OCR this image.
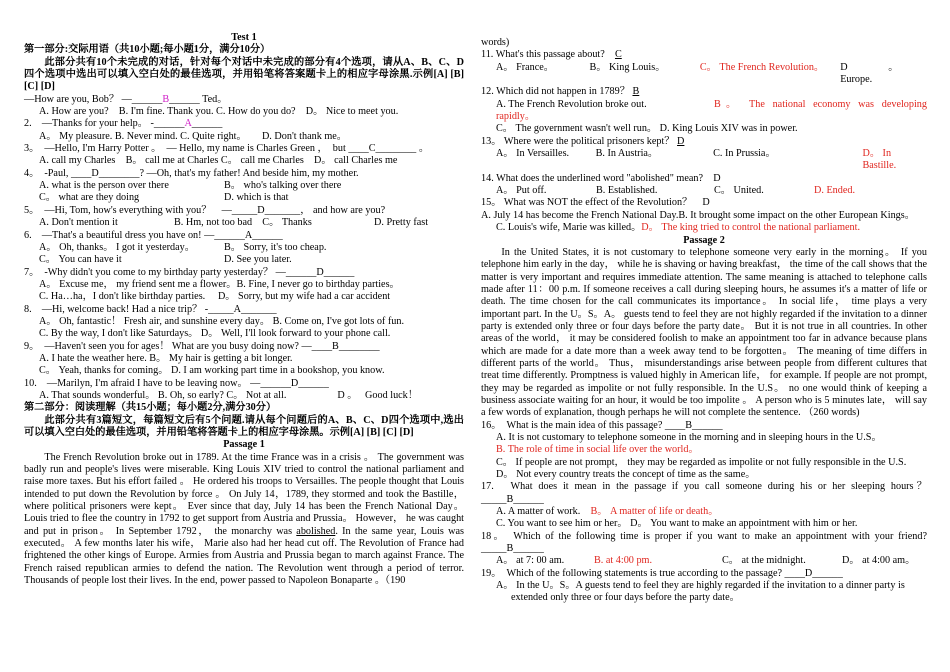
Test 1

第一部分:交际用语（共10小题;每小题1分，满分10分）

此部分共有10个未完成的对话，针对每个对话中未完成的部分有4个选项，请从A、B、C、D四个选项中选出可以填入空白处的最佳选项，并用铅笔将答案题卡上的相应字母涂黑.示例[A] [B] [C] [D]

—How are you, Bob？ —______B______ Ted。

A. How are you?　B. I'm fine. Thank you. C. How do you do?　D。 Nice to meet you.

2.　—Thanks for your help。 -______A______

A。 My pleasure. B. Never mind. C. Quite right。　　D. Don't thank me。

3。　—Hello, I'm Harry Potter 。　— Hello, my name is Charles Green ，　but ____C________ 。

A. call my Charles　B。 call me at Charles C。 call me Charles　D。 call Charles me

4。　-Paul, ____D________? —Oh, that's my father! And beside him, my mother.

A. what is the person over there	B。 who's talking over there
C。 what are they doing	D. which is that

5。　—Hi, Tom, how's everything with you？　—_____D_______， and how are you?

A. Don't mention it	B. Hm, not too bad　C。 Thanks	D. Pretty fast

6.　—That's a beautiful dress you have on! —______A______

A。 Oh, thanks。 I got it yesterday。	B。 Sorry, it's too cheap.
C。 You can have it	D. See you later.

7。　-Why didn't you come to my birthday party yesterday？ —______D______

A。 Excuse me， my friend sent me a flower。B. Fine, I never go to birthday parties。

C. Ha…ha，I don't like birthday parties.　 D。 Sorry, but my wife had a car accident

8.　—Hi, welcome back! Had a nice trip？ -_____A_______

A。 Oh, fantastic！ Fresh air, and sunshine every day。 B. Come on, I've got lots of fun.

C. By the way, I don't like Saturdays。 D。 Well, I'll look forward to your phone call.

9。　—Haven't seen you for ages！ What are you busy doing now? —____B________

A. I hate the weather here. B。 My hair is getting a bit longer.

C。 Yeah, thanks for coming。 D. I am working part time in a bookshop, you know.

10.　—Marilyn, I'm afraid I have to be leaving now。 —______D______

A. That sounds wonderful。 B. Oh, so early? C。 Not at all.　　　　　D 。　 Good luck！

第二部分：阅读理解（共15小题；每小题2分,满分30分）

此部分共有3篇短文，每篇短文后有5个问题.请从每个问题后的A、B、C、D四个选项中,选出可以填入空白处的最佳选项，并用铅笔将答题卡上的相应字母涂黑。示例[A] [B] [C] [D]

Passage 1

The French Revolution broke out in 1789. At the time France was in a crisis 。 The government was badly run and people's lives were miserable. King Louis XIV tried to control the national parliament and raise more taxes. But his effort failed 。 He ordered his troops to Versailles. The people thought that Louis intended to put down the Revolution by force 。 On July 14，1789, they stormed and took the Bastille， where political prisoners were kept。 Ever since that day, July 14 has been the French National Day。 Louis tried to flee the country in 1792 to get support from Austria and Prussia。 However， he was caught and put in prison。 In September 1792， the monarchy was abolished. In the same year, Louis was executed。 A few months later his wife， Marie also had her head cut off. The Revolution of France had frightened the other kings of Europe. Armies from Austria and Prussia began to march against France. The French raised republican armies to defend the nation. The Revolution went through a period of terror. Thousands of people lost their lives. In the end, power passed to Napoleon Bonaparte 。（190

words)

11. What's this passage about?　C

A。 France。	B。 King Louis。	C。 The French Revolution。	D　　　　。 Europe.

12. Which did not happen in 1789？ B

A. The French Revolution broke out.	B。 The national economy was developing rapidly。

C。 The government wasn't well run。 D. King Louis XIV was in power.

13。 Where were the political prisoners kept？ D

A。 In Versailles.	B. In Austria。	C. In Prussia。	D。 In Bastille.

14. What does the underlined word "abolished" mean?　D

A。 Put off.	B. Established.	C。 United.	D. Ended.

15。 What was NOT the effect of the Revolution？　D

A. July 14 has become the French National Day.B. It brought some impact on the other European Kings。

C. Louis's wife, Marie was killed。D。 The king tried to control the national parliament.

Passage 2

In the United States, it is not customary to telephone someone very early in the morning。 If you telephone him early in the day， while he is shaving or having breakfast， the time of the call shows that the matter is very important and requires immediate attention. The same meaning is attached to telephone calls made after 11：00 p.m. If someone receives a call during sleeping hours, he assumes it's a matter of life or death. The time chosen for the call communicates its importance。 In social life， time plays a very important part. In the U。S。A。 guests tend to feel they are not highly regarded if the invitation to a dinner party is extended only three or four days before the party date。 But it is not true in all countries. In other areas of the world， it may be considered foolish to make an appointment too far in advance because plans which are made for a date more than a week away tend to be forgotten。 The meaning of time differs in different parts of the world。 Thus， misunderstandings arise between people from different cultures that treat time differently. Promptness is valued highly in American life， for example. If people are not prompt, they may be regarded as impolite or not fully responsible. In the U.S。 no one would think of keeping a business associate waiting for an hour, it would be too impolite 。 A person who is 5 minutes late， will say a few words of explanation, though perhaps he will not complete the sentence. （260 words)

16。　What is the main idea of this passage? ____B______

A. It is not customary to telephone someone in the morning and in sleeping hours in the U.S。

B. The role of time in social life over the world。

C。 If people are not prompt， they may be regarded as impolite or not fully responsible in the U.S.

D。 Not every country treats the concept of time as the same。

17.　What does it mean in the passage if you call someone during his or her sleeping hours？_____B______

A. A matter of work.　 B。 A matter of life or death。

C. You want to see him or her。 D。 You want to make an appointment with him or her.

18。　Which of the following time is proper if you want to make an appointment with your friend? _____B______

A。 at 7: 00 am.	B. at 4:00 pm.	C。 at the midnight.	D。 at 4:00 am。

19。　Which of the following statements is true according to the passage? ____D______

A。 In the U。S。A guests tend to feel they are highly regarded if the invitation to a dinner party is extended only three or four days before the party date。
